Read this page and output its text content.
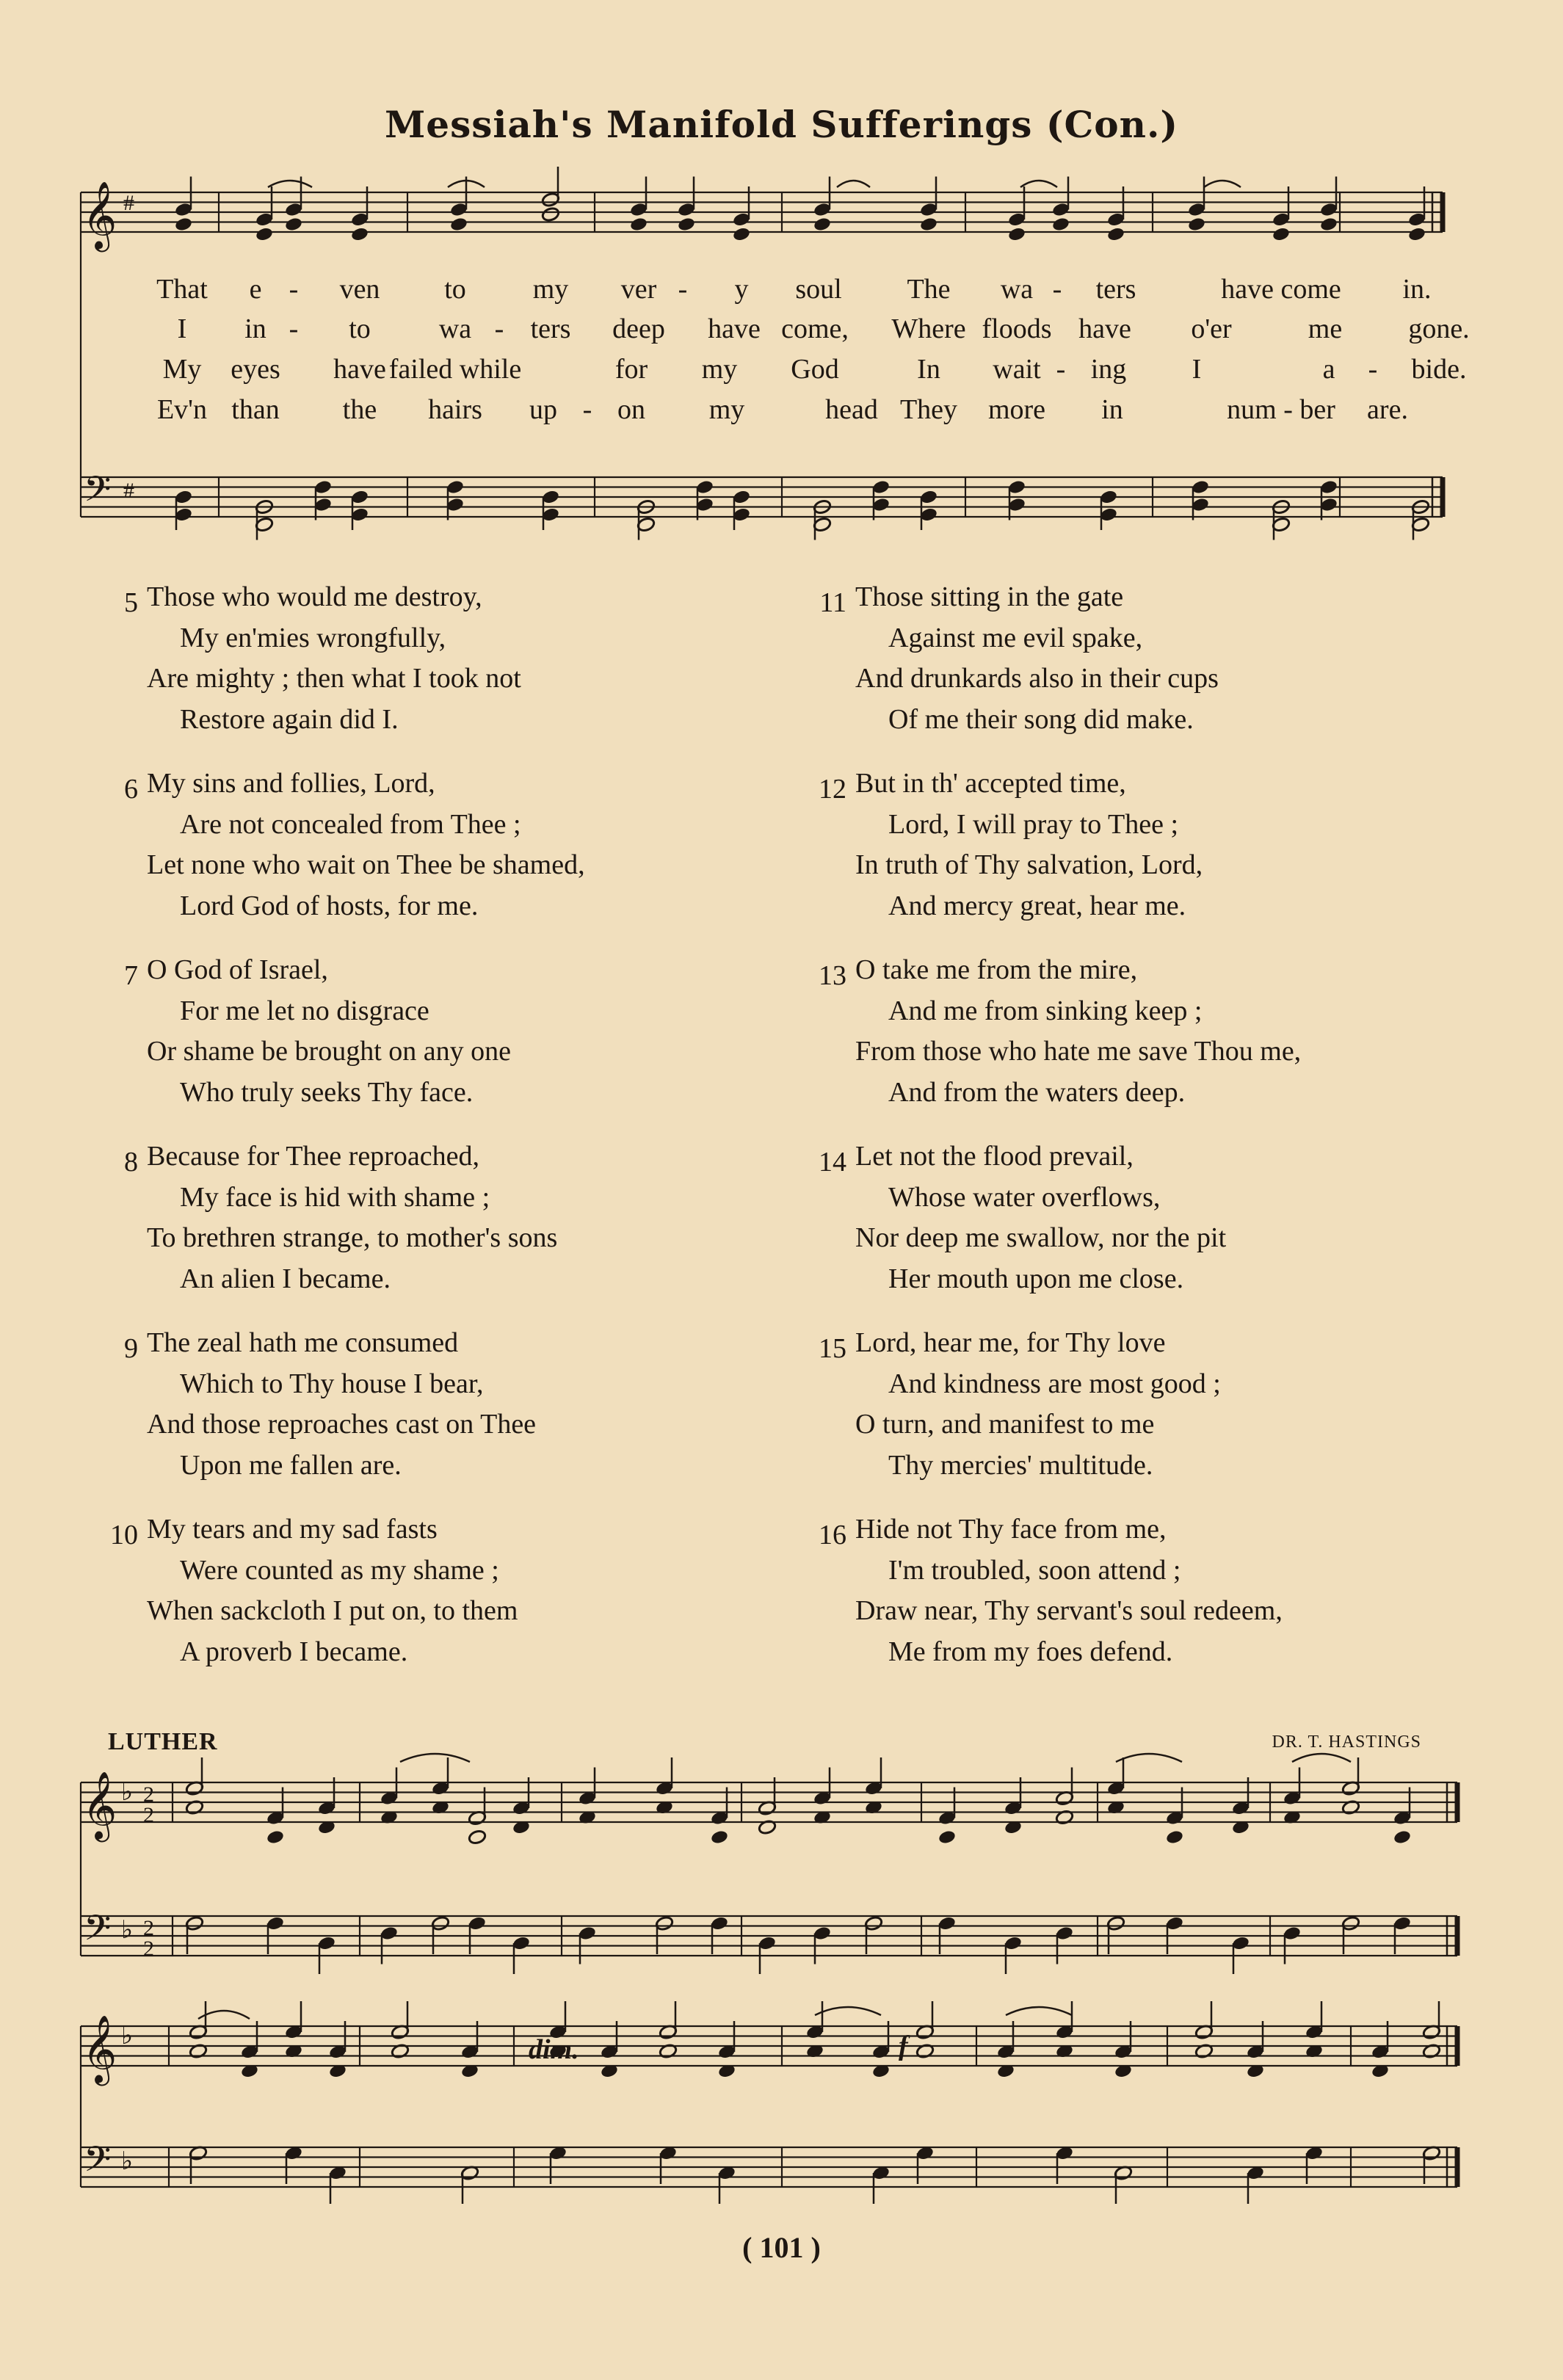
Messiah's Manifold Sufferings (Con.)
𝄞
𝄢
#
#
𝄞
𝄢
𝄞
𝄢
♭
♭
♭
♭
2
2
2
2
That e - ven to my ver - y soul The wa - ters	have come in.
I in - to wa - ters deep have come, Where floods have o'er	me gone.
My eyes have failed while	for my God	In wait - ing I	a - bide.
Ev'n than the hairs up - on my	head They more in	num - ber are.
5 Those who would me destroy,
My en'mies wrongfully,
Are mighty ; then what I took not
Restore again did I.
6 My sins and follies, Lord,
Are not concealed from Thee ;
Let none who wait on Thee be shamed,
Lord God of hosts, for me.
7 O God of Israel,
For me let no disgrace
Or shame be brought on any one
Who truly seeks Thy face.
8 Because for Thee reproached,
My face is hid with shame ;
To brethren strange, to mother's sons
An alien I became.
9 The zeal hath me consumed
Which to Thy house I bear,
And those reproaches cast on Thee
Upon me fallen are.
10 My tears and my sad fasts
Were counted as my shame ;
When sackcloth I put on, to them
A proverb I became.
11 Those sitting in the gate
Against me evil spake,
And drunkards also in their cups
Of me their song did make.
12 But in th' accepted time,
Lord, I will pray to Thee ;
In truth of Thy salvation, Lord,
And mercy great, hear me.
13 O take me from the mire,
And me from sinking keep ;
From those who hate me save Thou me,
And from the waters deep.
14 Let not the flood prevail,
Whose water overflows,
Nor deep me swallow, nor the pit
Her mouth upon me close.
15 Lord, hear me, for Thy love
And kindness are most good ;
O turn, and manifest to me
Thy mercies' multitude.
16 Hide not Thy face from me,
I'm troubled, soon attend ;
Draw near, Thy servant's soul redeem,
Me from my foes defend.
LUTHER	DR. T. HASTINGS
dim.	f
( 101 )
